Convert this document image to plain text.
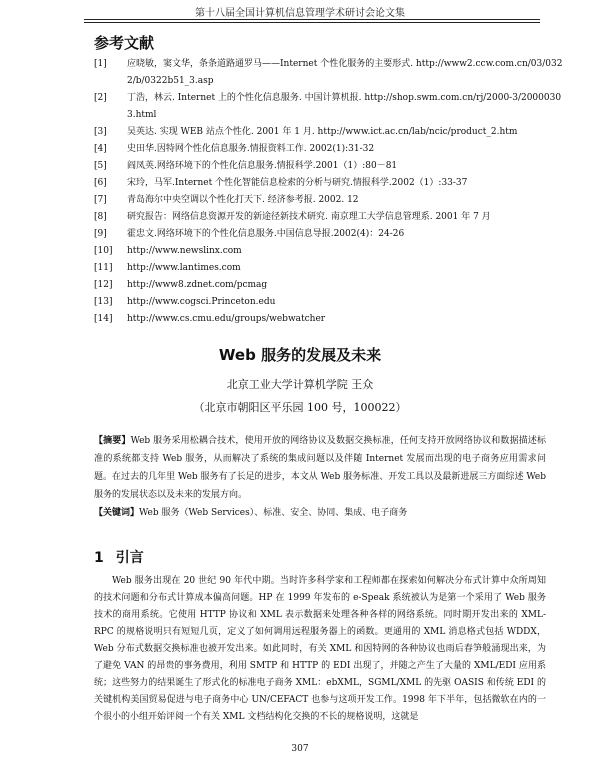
第十八届全国计算机信息管理学术研讨会论文集
参考文献
[1] 应晓敏，窦文华，条条道路通罗马——Internet 个性化服务的主要形式. http://www2.ccw.com.cn/03/0322/b/0322b51_3.asp
[2] 丁浩，林云. Internet 上的个性化信息服务. 中国计算机报. http://shop.swm.com.cn/rj/2000-3/20000303.html
[3] 吴英达. 实现 WEB 站点个性化. 2001 年 1 月. http://www.ict.ac.cn/lab/ncic/product_2.htm
[4] 史田华.因特网个性化信息服务.情报资料工作. 2002(1):31-32
[5] 阎凤英.网络环境下的个性化信息服务.情报科学.2001（1）:80－81
[6] 宋玲，马军.Internet 个性化智能信息检索的分析与研究.情报科学.2002（1）:33-37
[7] 青岛海尔中央空调以个性化打天下. 经济参考报. 2002. 12
[8] 研究报告：网络信息资源开发的新途径新技术研究. 南京理工大学信息管理系. 2001 年 7 月
[9] 霍忠文.网络环境下的个性化信息服务.中国信息导报.2002(4)：24-26
[10] http://www.newslinx.com
[11] http://www.lantimes.com
[12] http://www8.zdnet.com/pcmag
[13] http://www.cogsci.Princeton.edu
[14] http://www.cs.cmu.edu/groups/webwatcher
Web 服务的发展及未来
北京工业大学计算机学院 王众
（北京市朝阳区平乐园 100 号，100022）

【摘要】Web 服务采用松耦合技术，使用开放的网络协议及数据交换标准，任何支持开放网络协议和数据描述标准的系统都支持 Web 服务，从而解决了系统的集成问题以及伴随 Internet 发展而出现的电子商务应用需求问题。在过去的几年里 Web 服务有了长足的进步，本文从 Web 服务标准、开发工具以及最新进展三方面综述 Web 服务的发展状态以及未来的发展方向。

【关键词】Web 服务（Web Services）、标准、安全、协同、集成、电子商务

1 引言

Web 服务出现在 20 世纪 90 年代中期。当时许多科学家和工程师都在探索如何解决分布式计算中众所周知的技术问题和分布式计算成本偏高问题。HP 在 1999 年发布的 e-Speak 系统被认为是第一个采用了 Web 服务技术的商用系统。它使用 HTTP 协议和 XML 表示数据来处理各种各样的网络系统。同时期开发出来的 XML-RPC 的规格说明只有短短几页，定义了如何调用远程服务器上的函数。更通用的 XML 消息格式包括 WDDX，Web 分布式数据交换标准也被开发出来。如此同时，有关 XML 和因特网的各种协议也雨后春笋般涌现出来，为了避免 VAN 的昂贵的事务费用，利用 SMTP 和 HTTP 的 EDI 出现了，并随之产生了大量的 XML/EDI 应用系统；这些努力的结果诞生了形式化的标准电子商务 XML：ebXML，SGML/XML 的先驱 OASIS 和传统 EDI 的关键机构美国贸易促进与电子商务中心 UN/CEFACT 也参与这项开发工作。1998 年下半年，包括微软在内的一个很小的小组开始评阅一个有关 XML 文档结构化交换的不长的规格说明，这就是

307
